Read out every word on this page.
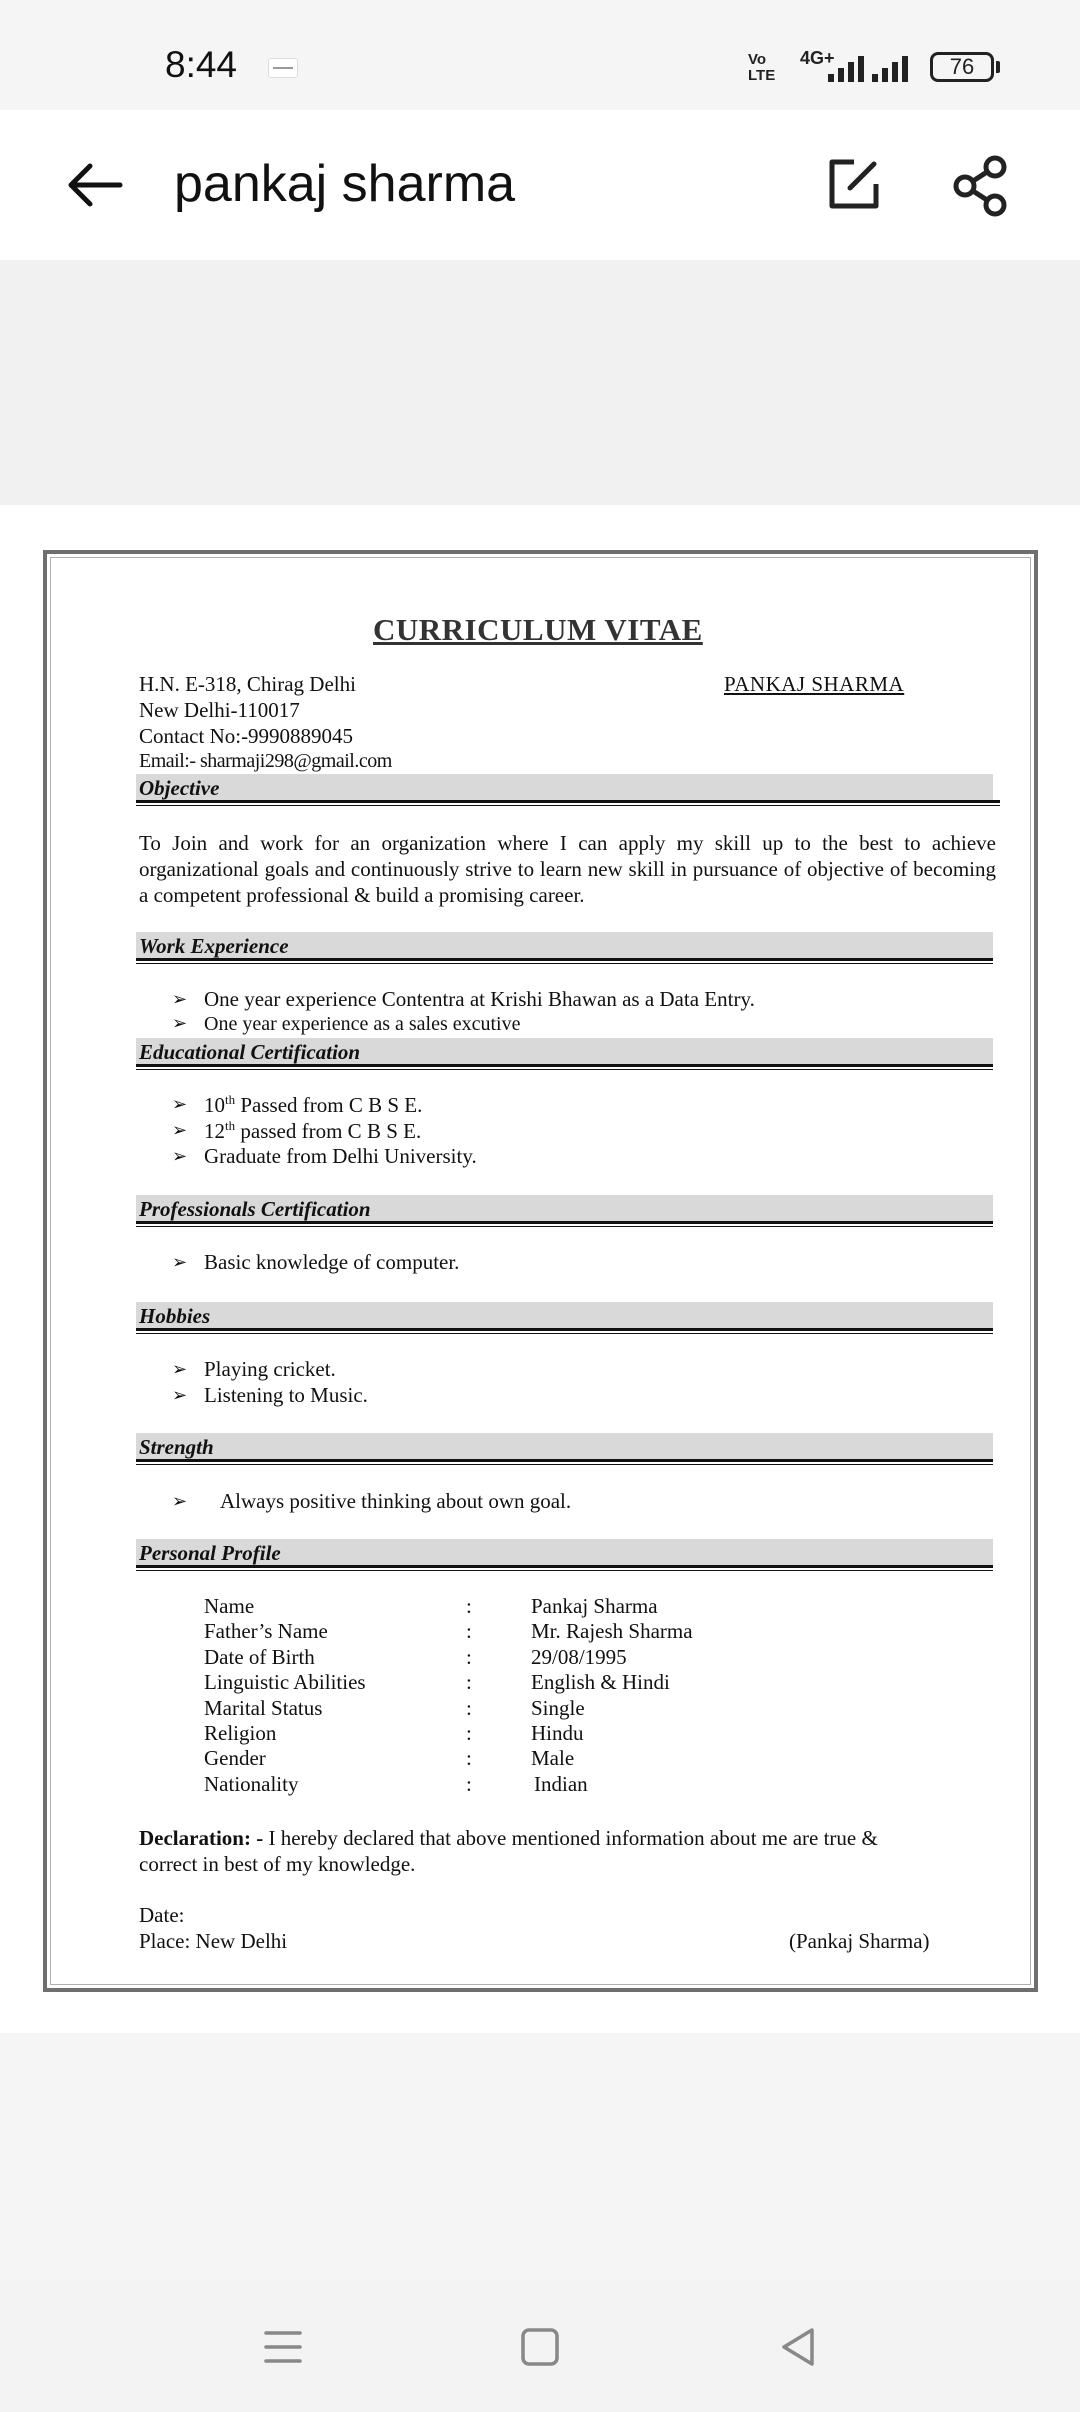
8:44	Vo
LTE
4G+	76
pankaj sharma
CURRICULUM VITAE
H.N. E-318, Chirag Delhi
New Delhi-110017
Contact No:-9990889045
Email:- sharmaji298@gmail.com
PANKAJ SHARMA
Objective
To Join and work for an organization where I can apply my skill up to the best to achieve organizational goals and continuously strive to learn new skill in pursuance of objective of becoming a competent professional & build a promising career.
Work Experience
➢ One year experience Contentra at Krishi Bhawan as a Data Entry.
➢ One year experience as a sales excutive
Educational Certification
➢ 10th Passed from C B S E.
➢ 12th passed from C B S E.
➢ Graduate from Delhi University.
Professionals Certification
➢ Basic knowledge of computer.
Hobbies
➢ Playing cricket.
➢ Listening to Music.
Strength
➢ Always positive thinking about own goal.
Personal Profile
Name	:	Pankaj Sharma
Father’s Name	:	Mr. Rajesh Sharma
Date of Birth	:	29/08/1995
Linguistic Abilities	:	English & Hindi
Marital Status	:	Single
Religion	:	Hindu
Gender	:	Male
Nationality	:	Indian
Declaration: - I hereby declared that above mentioned information about me are true &
correct in best of my knowledge.
Date:
Place: New Delhi	(Pankaj Sharma)
